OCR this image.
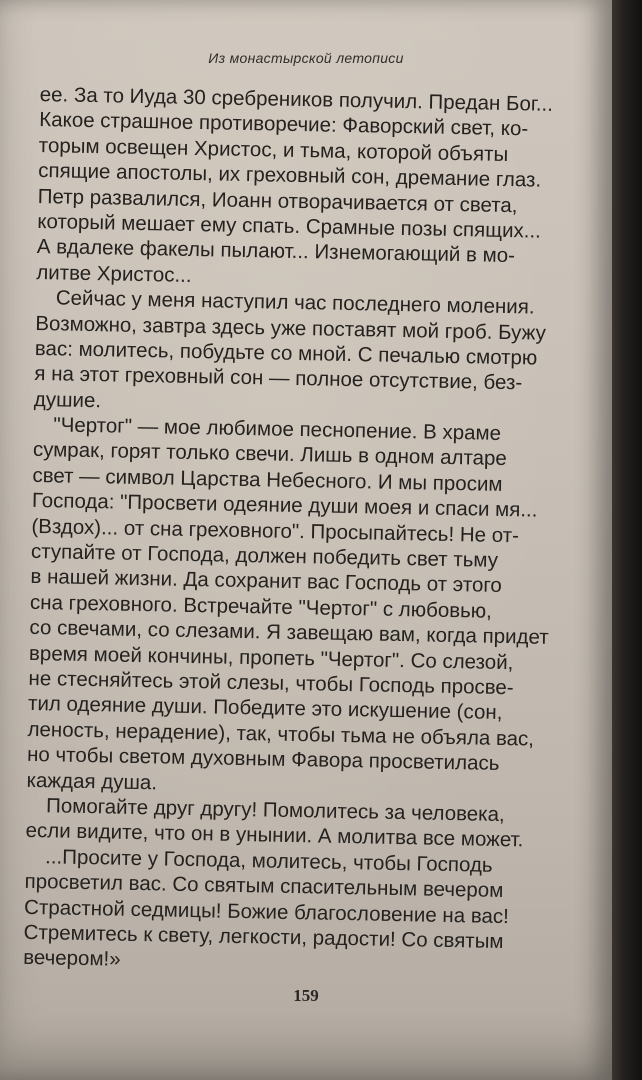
Из монастырской летописи
ее. За то Иуда 30 сребреников получил. Предан Бог...
Какое страшное противоречие: Фаворский свет, ко-
торым освещен Христос, и тьма, которой объяты
спящие апостолы, их греховный сон, дремание глаз.
Петр развалился, Иоанн отворачивается от света,
который мешает ему спать. Срамные позы спящих...
А вдалеке факелы пылают... Изнемогающий в мо-
литве Христос...
Сейчас у меня наступил час последнего моления.
Возможно, завтра здесь уже поставят мой гроб. Бужу
вас: молитесь, побудьте со мной. С печалью смотрю
я на этот греховный сон — полное отсутствие, без-
душие.
"Чертог" — мое любимое песнопение. В храме
сумрак, горят только свечи. Лишь в одном алтаре
свет — символ Царства Небесного. И мы просим
Господа: "Просвети одеяние души моея и спаси мя...
(Вздох)... от сна греховного". Просыпайтесь! Не от-
ступайте от Господа, должен победить свет тьму
в нашей жизни. Да сохранит вас Господь от этого
сна греховного. Встречайте "Чертог" с любовью,
со свечами, со слезами. Я завещаю вам, когда придет
время моей кончины, пропеть "Чертог". Со слезой,
не стесняйтесь этой слезы, чтобы Господь просве-
тил одеяние души. Победите это искушение (сон,
леность, нерадение), так, чтобы тьма не объяла вас,
но чтобы светом духовным Фавора просветилась
каждая душа.
Помогайте друг другу! Помолитесь за человека,
если видите, что он в унынии. А молитва все может.
...Просите у Господа, молитесь, чтобы Господь
просветил вас. Со святым спасительным вечером
Страстной седмицы! Божие благословение на вас!
Стремитесь к свету, легкости, радости! Со святым
вечером!»
159
